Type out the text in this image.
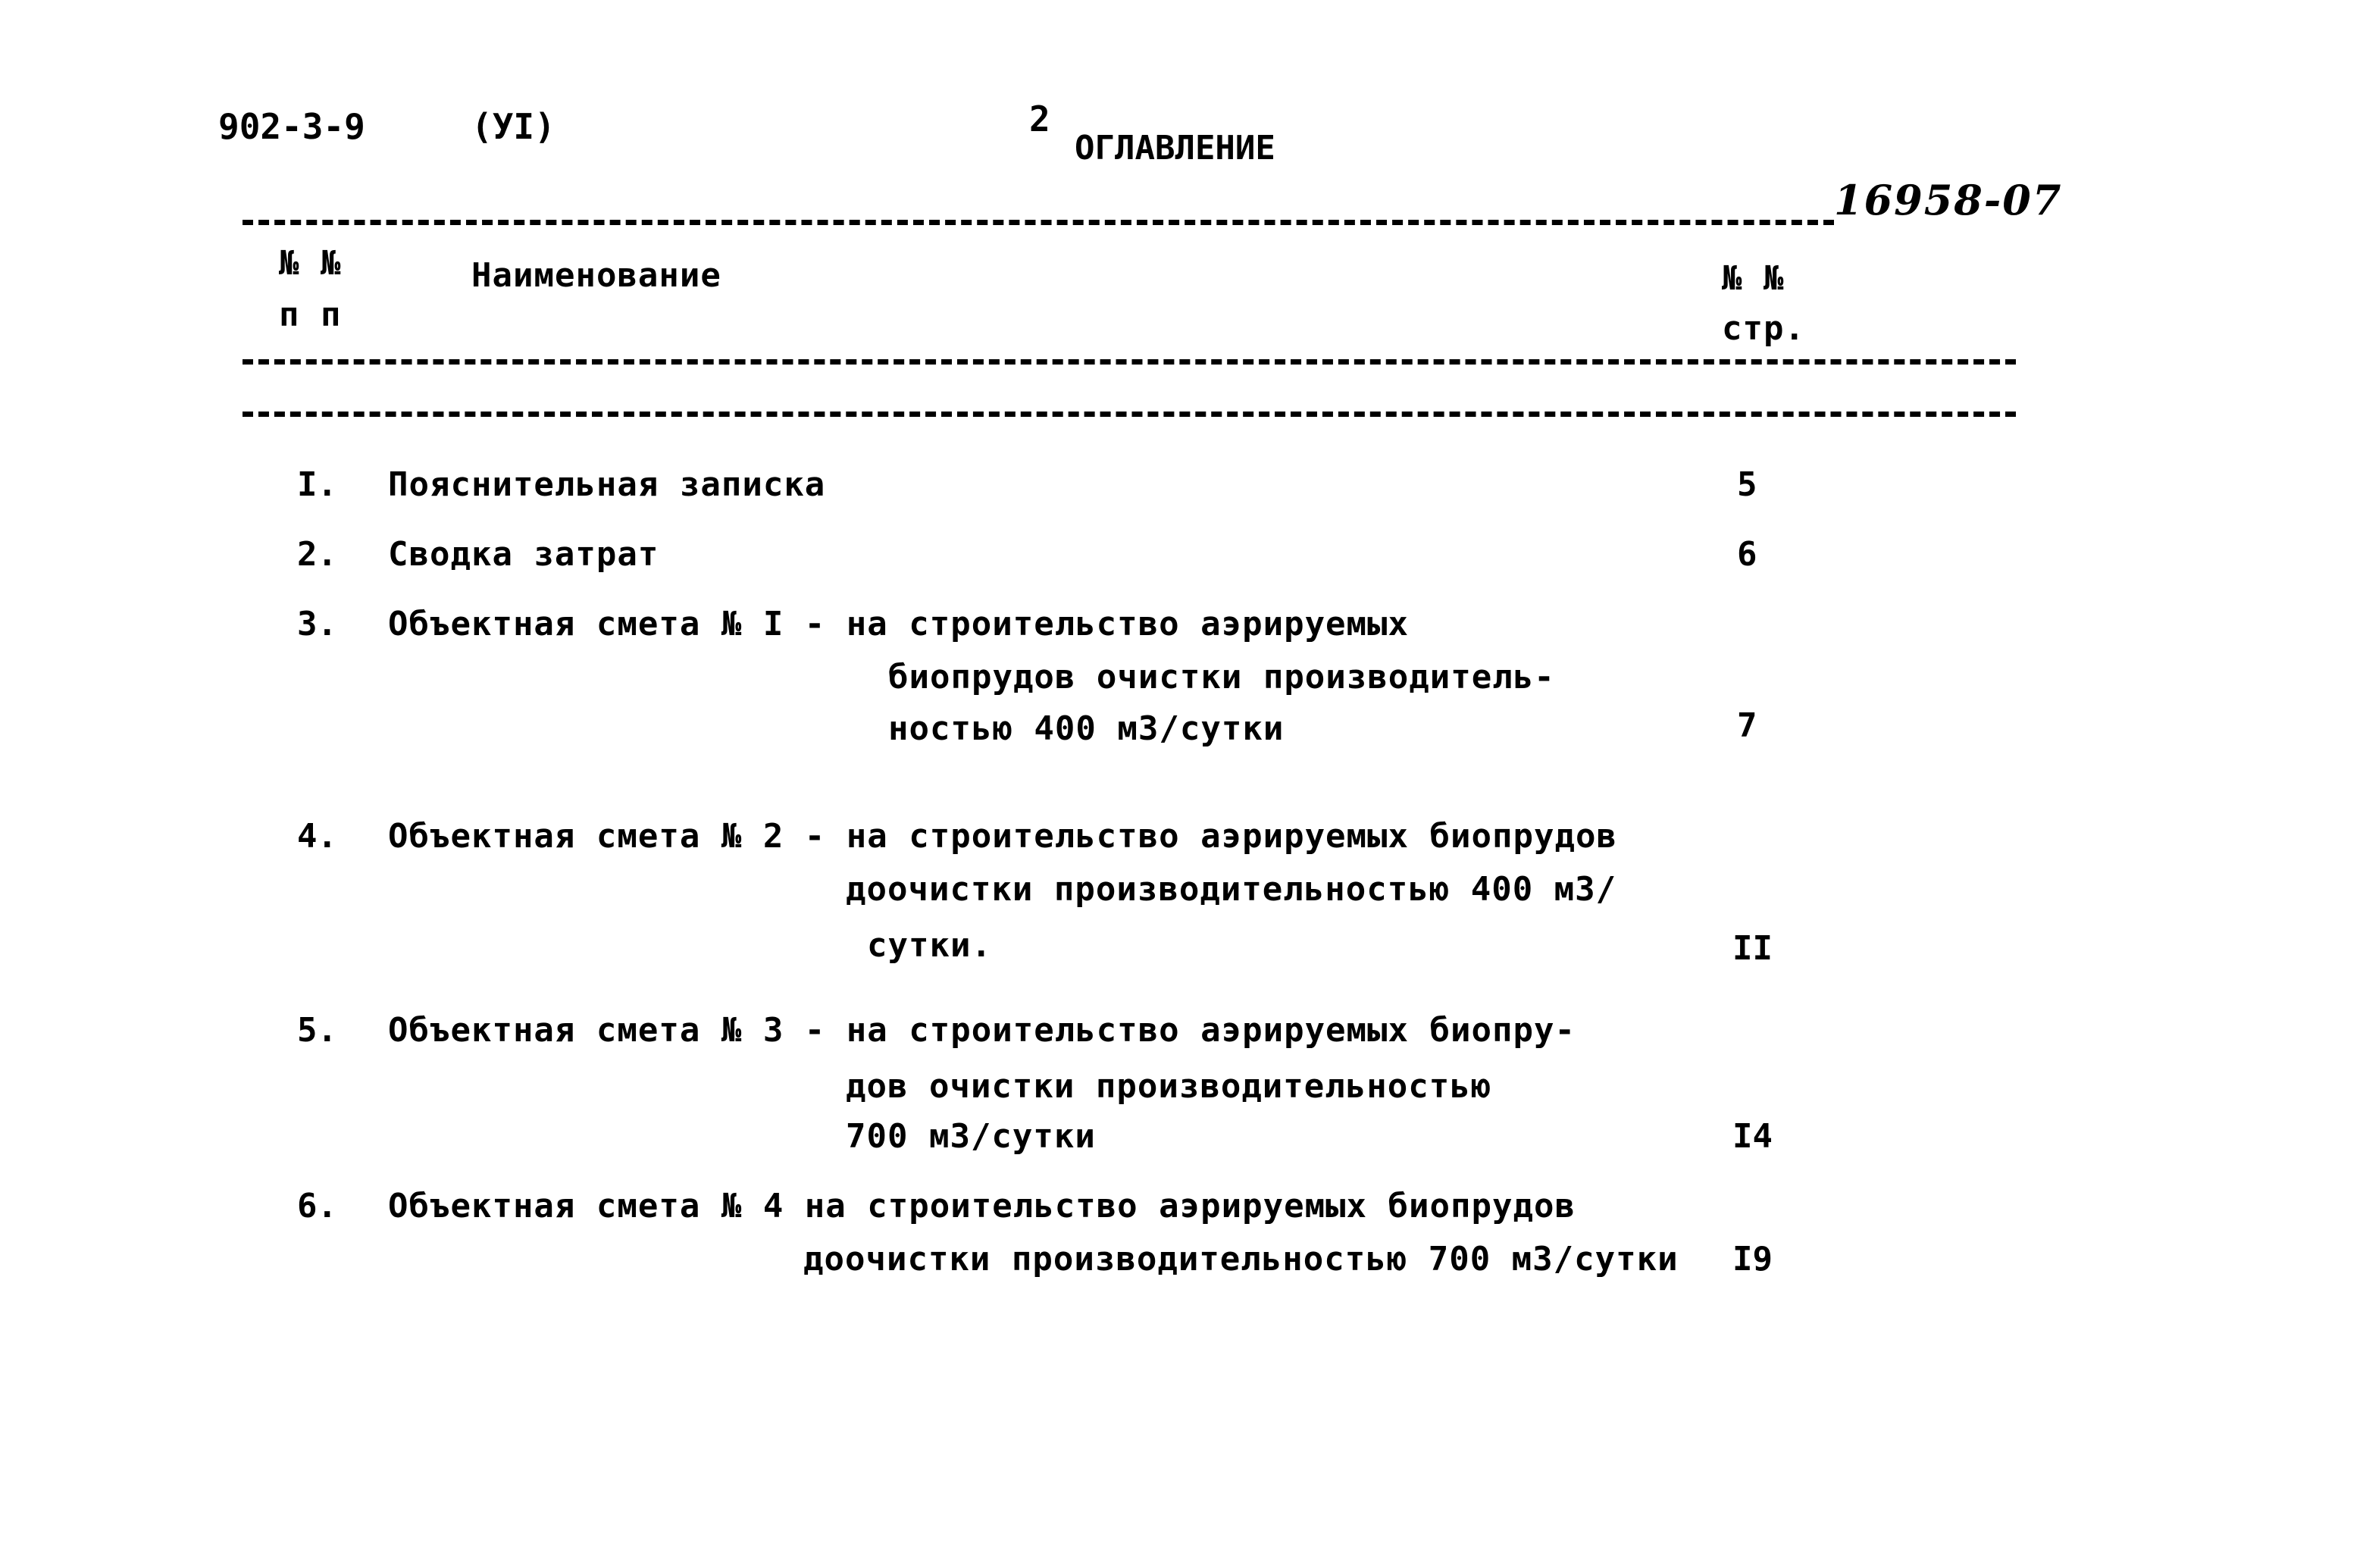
902-3-9	(УI)	2
ОГЛАВЛЕНИЕ
16958-07
№ №
п п
Наименование	№ №
стр.
I. Пояснительная записка	5
2. Сводка затрат	6
3. Объектная смета № I - на строительство аэрируемых
биопрудов очистки производитель-
ностью 400 м3/сутки	7
4. Объектная смета № 2 - на строительство аэрируемых биопрудов
доочистки производительностью 400 м3/
сутки.	II
5. Объектная смета № 3 - на строительство аэрируемых биопру-
дов очистки производительностью
700 м3/сутки	I4
6. Объектная смета № 4 на строительство аэрируемых биопрудов
доочистки производительностью 700 м3/сутки I9
